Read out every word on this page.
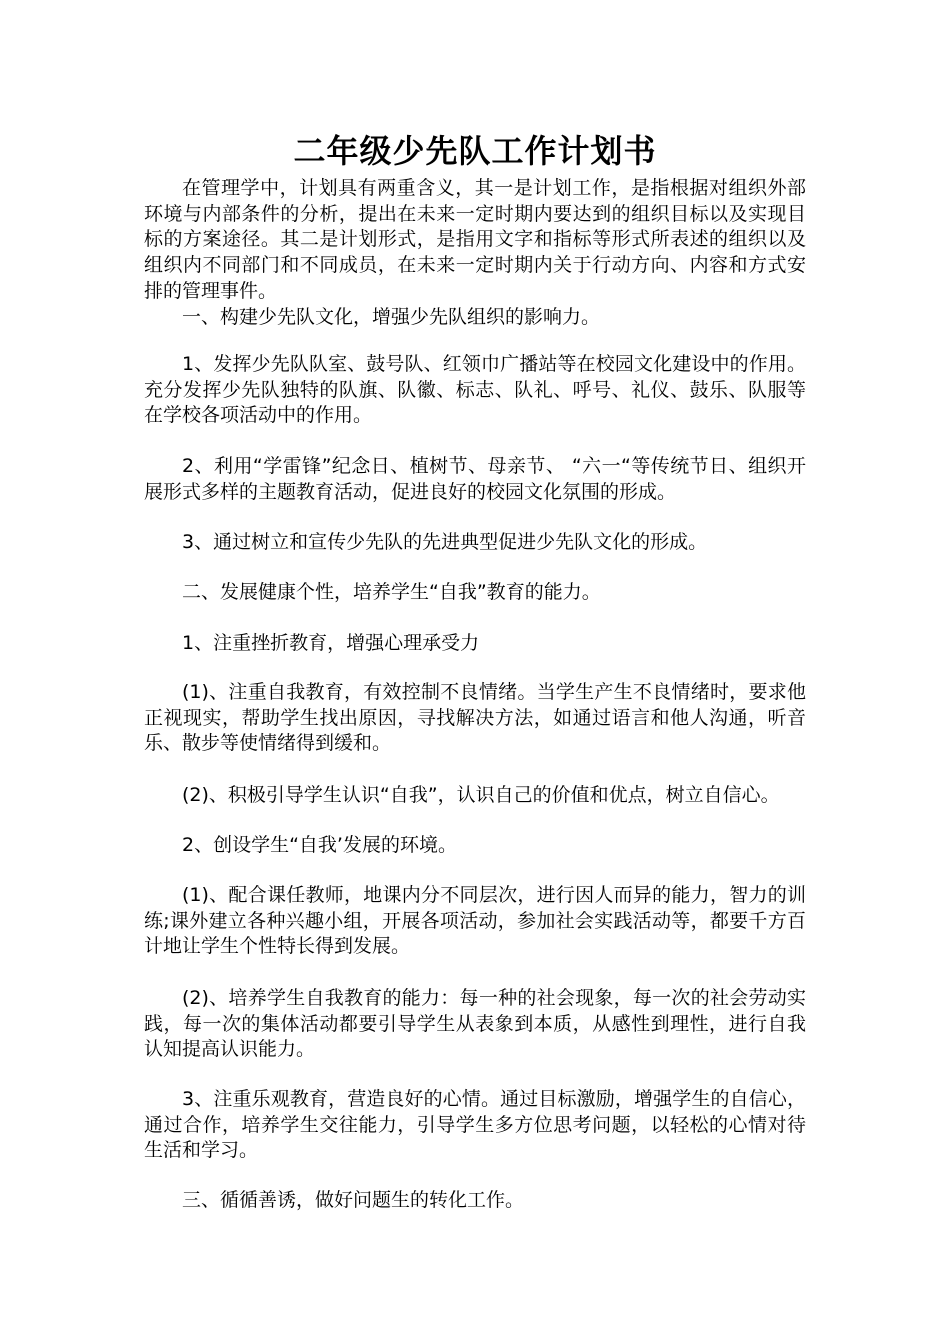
二年级少先队工作计划书

在管理学中，计划具有两重含义，其一是计划工作，是指根据对组织外部环境与内部条件的分析，提出在未来一定时期内要达到的组织目标以及实现目标的方案途径。其二是计划形式，是指用文字和指标等形式所表述的组织以及组织内不同部门和不同成员，在未来一定时期内关于行动方向、内容和方式安排的管理事件。

一、构建少先队文化，增强少先队组织的影响力。

1、发挥少先队队室、鼓号队、红领巾广播站等在校园文化建设中的作用。充分发挥少先队独特的队旗、队徽、标志、队礼、呼号、礼仪、鼓乐、队服等在学校各项活动中的作用。

2、利用“学雷锋”纪念日、植树节、母亲节、 “六一“等传统节日、组织开展形式多样的主题教育活动，促进良好的校园文化氛围的形成。

3、通过树立和宣传少先队的先进典型促进少先队文化的形成。

二、发展健康个性，培养学生“自我”教育的能力。

1、注重挫折教育，增强心理承受力

(1)、注重自我教育，有效控制不良情绪。当学生产生不良情绪时，要求他正视现实，帮助学生找出原因，寻找解决方法，如通过语言和他人沟通，听音乐、散步等使情绪得到缓和。

(2)、积极引导学生认识“自我”，认识自己的价值和优点，树立自信心。

2、创设学生“自我’发展的环境。

(1)、配合课任教师，地课内分不同层次，进行因人而异的能力，智力的训练;课外建立各种兴趣小组，开展各项活动，参加社会实践活动等，都要千方百计地让学生个性特长得到发展。

(2)、培养学生自我教育的能力：每一种的社会现象，每一次的社会劳动实践，每一次的集体活动都要引导学生从表象到本质，从感性到理性，进行自我认知提高认识能力。

3、注重乐观教育，营造良好的心情。通过目标激励，增强学生的自信心，通过合作，培养学生交往能力，引导学生多方位思考问题，以轻松的心情对待生活和学习。

三、循循善诱，做好问题生的转化工作。
